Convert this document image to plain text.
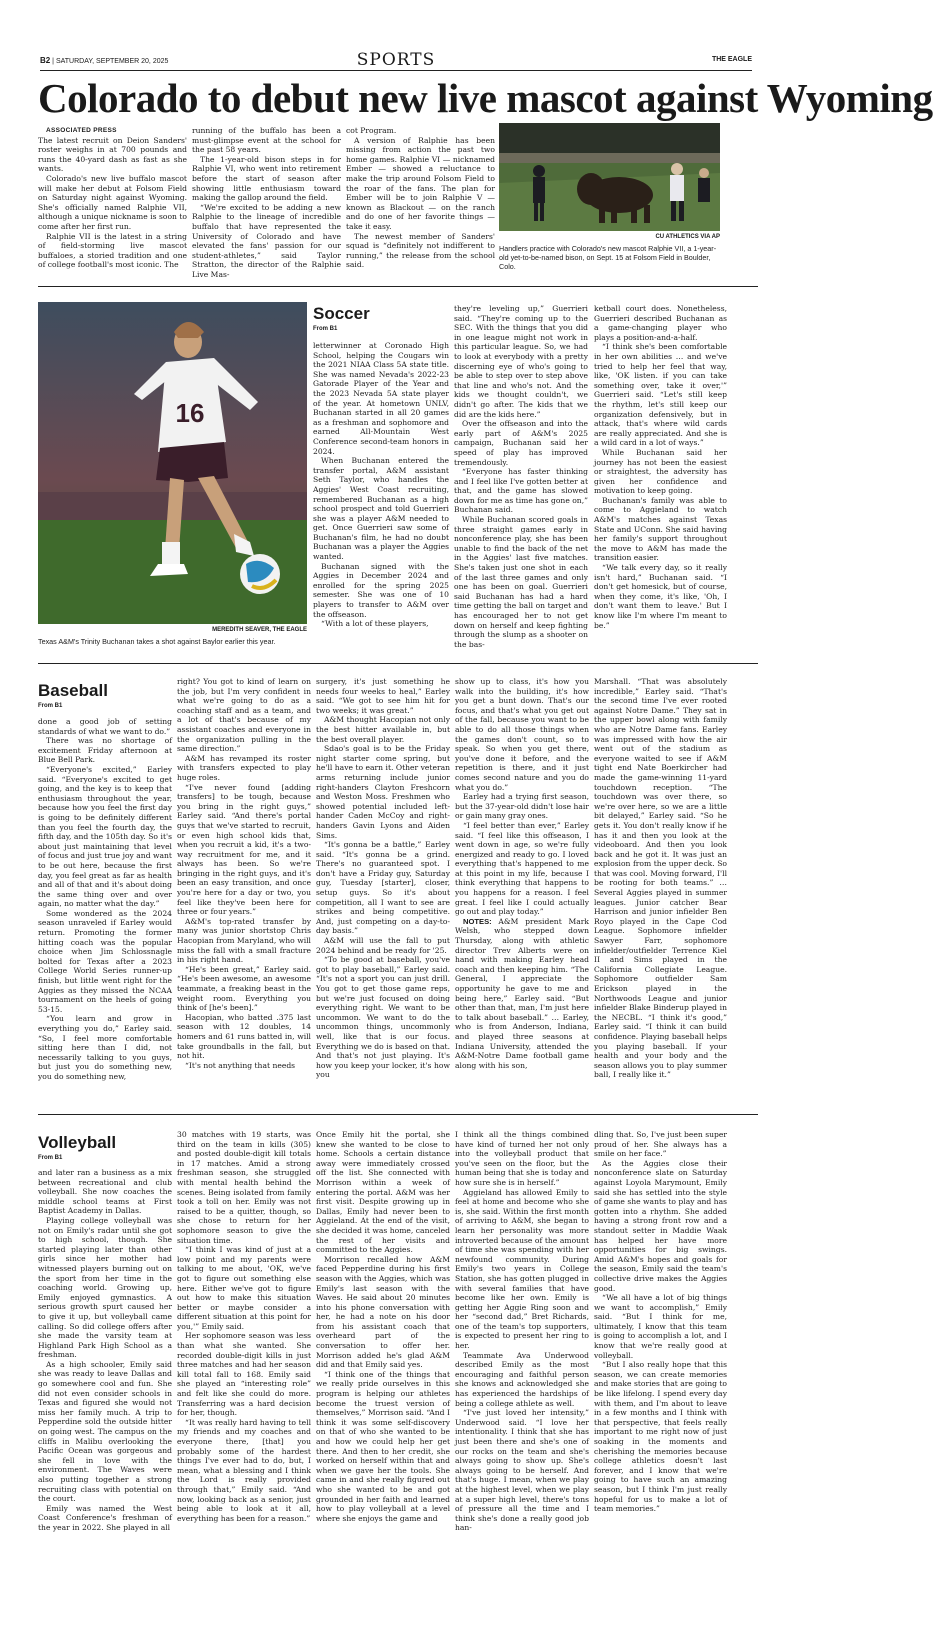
B2 | SATURDAY, SEPTEMBER 20, 2025	SPORTS	THE EAGLE
Colorado to debut new live mascot against Wyoming

ASSOCIATED PRESS

The latest recruit on Deion Sanders' roster weighs in at 700 pounds and runs the 40-yard dash as fast as she wants.

Colorado's new live buffalo mascot will make her debut at Folsom Field on Saturday night against Wyoming. She's officially named Ralphie VII, although a unique nickname is soon to come after her first run.

Ralphie VII is the latest in a string of field-storming live mascot buffaloes, a storied tradition and one of college football's most iconic. The

running of the buffalo has been a must-glimpse event at the school for the past 58 years.

The 1-year-old bison steps in for Ralphie VI, who went into retirement before the start of season after showing little enthusiasm toward making the gallop around the field.

“We're excited to be adding a new Ralphie to the lineage of incredible buffalo that have represented the University of Colorado and have elevated the fans' passion for our student-athletes,” said Taylor Stratton, the director of the Ralphie Live Mas-

cot Program.

A version of Ralphie has been missing from action the past two home games. Ralphie VI — nicknamed Ember — showed a reluctance to make the trip around Folsom Field to the roar of the fans. The plan for Ember will be to join Ralphie V — known as Blackout — on the ranch and do one of her favorite things — take it easy.

The newest member of Sanders' squad is “definitely not indifferent to running,” the release from the school said.

CU ATHLETICS VIA AP
Handlers practice with Colorado's new mascot Ralphie VII, a 1-year-old yet-to-be-named bison, on Sept. 15 at Folsom Field in Boulder, Colo.
16
MEREDITH SEAVER, THE EAGLE
Texas A&M's Trinity Buchanan takes a shot against Baylor earlier this year.
Soccer
From B1

letterwinner at Coronado High School, helping the Cougars win the 2021 NIAA Class 5A state title. She was named Nevada's 2022-23 Gatorade Player of the Year and the 2023 Nevada 5A state player of the year. At hometown UNLV, Buchanan started in all 20 games as a freshman and sophomore and earned All-Mountain West Conference second-team honors in 2024.

When Buchanan entered the transfer portal, A&M assistant Seth Taylor, who handles the Aggies' West Coast recruiting, remembered Buchanan as a high school prospect and told Guerrieri she was a player A&M needed to get. Once Guerrieri saw some of Buchanan's film, he had no doubt Buchanan was a player the Aggies wanted.

Buchanan signed with the Aggies in December 2024 and enrolled for the spring 2025 semester. She was one of 10 players to transfer to A&M over the offseason.

“With a lot of these players,

they're leveling up,” Guerrieri said. “They're coming up to the SEC. With the things that you did in one league might not work in this particular league. So, we had to look at everybody with a pretty discerning eye of who's going to be able to step over to step above that line and who's not. And the kids we thought couldn't, we didn't go after. The kids that we did are the kids here.”

Over the offseason and into the early part of A&M's 2025 campaign, Buchanan said her speed of play has improved tremendously.

“Everyone has faster thinking and I feel like I've gotten better at that, and the game has slowed down for me as time has gone on,” Buchanan said.

While Buchanan scored goals in three straight games early in nonconference play, she has been unable to find the back of the net in the Aggies' last five matches. She's taken just one shot in each of the last three games and only one has been on goal. Guerrieri said Buchanan has had a hard time getting the ball on target and has encouraged her to not get down on herself and keep fighting through the slump as a shooter on the bas-

ketball court does. Nonetheless, Guerrieri described Buchanan as a game-changing player who plays a position-and-a-half.

“I think she's been comfortable in her own abilities … and we've tried to help her feel that way, like, 'OK listen. if you can take something over, take it over,'” Guerrieri said. “Let's still keep the rhythm, let's still keep our organization defensively, but in attack, that's where wild cards are really appreciated. And she is a wild card in a lot of ways.”

While Buchanan said her journey has not been the easiest or straightest, the adversity has given her confidence and motivation to keep going.

Buchanan's family was able to come to Aggieland to watch A&M's matches against Texas State and UConn. She said having her family's support throughout the move to A&M has made the transition easier.

“We talk every day, so it really isn't hard,” Buchanan said. “I don't get homesick, but of course, when they come, it's like, 'Oh, I don't want them to leave.' But I know like I'm where I'm meant to be.”

Baseball
From B1

done a good job of setting standards of what we want to do.”

There was no shortage of excitement Friday afternoon at Blue Bell Park.

“Everyone's excited,” Earley said. “Everyone's excited to get going, and the key is to keep that enthusiasm throughout the year, because how you feel the first day is going to be definitely different than you feel the fourth day, the fifth day, and the 105th day. So it's about just maintaining that level of focus and just true joy and want to be out here, because the first day, you feel great as far as health and all of that and it's about doing the same thing over and over again, no matter what the day.”

Some wondered as the 2024 season unraveled if Earley would return. Promoting the former hitting coach was the popular choice when Jim Schlossnagle bolted for Texas after a 2023 College World Series runner-up finish, but little went right for the Aggies as they missed the NCAA tournament on the heels of going 53-15.

“You learn and grow in everything you do,” Earley said. “So, I feel more comfortable sitting here than I did, not necessarily talking to you guys, but just you do something new, you do something new,

right? You got to kind of learn on the job, but I'm very confident in what we're going to do as a coaching staff and as a team, and a lot of that's because of my assistant coaches and everyone in the organization pulling in the same direction.”

A&M has revamped its roster with transfers expected to play huge roles.

“I've never found [adding transfers] to be tough, because you bring in the right guys,” Earley said. “And there's portal guys that we've started to recruit, or even high school kids that, when you recruit a kid, it's a two-way recruitment for me, and it always has been. So we're bringing in the right guys, and it's been an easy transition, and once you're here for a day or two, you feel like they've been here for three or four years.”

A&M's top-rated transfer by many was junior shortstop Chris Hacopian from Maryland, who will miss the fall with a small fracture in his right hand.

“He's been great,” Earley said. “He's been awesome, an awesome teammate, a freaking beast in the weight room. Everything you think of [he's been].”

Hacopian, who batted .375 last season with 12 doubles, 14 homers and 61 runs batted in, will take groundballs in the fall, but not hit.

“It's not anything that needs

surgery, it's just something he needs four weeks to heal,” Earley said. “We got to see him hit for two weeks; it was great.”

A&M thought Hacopian not only the best hitter available in, but the best overall player.

Sdao's goal is to be the Friday night starter come spring, but he'll have to earn it. Other veteran arms returning include junior right-handers Clayton Freshcorn and Weston Moss. Freshmen who showed potential included left-hander Caden McCoy and right-handers Gavin Lyons and Aiden Sims.

“It's gonna be a battle,” Earley said. “It's gonna be a grind. There's no guaranteed spot. I don't have a Friday guy, Saturday guy, Tuesday [starter], closer, setup guys. So it's about competition, all I want to see are strikes and being competitive. And, just competing on a day-to-day basis.”

A&M will use the fall to put 2024 behind and be ready for '25.

“To be good at baseball, you've got to play baseball,” Earley said. “It's not a sport you can just drill. You got to get those game reps, but we're just focused on doing everything right. We want to be uncommon. We want to do the uncommon things, uncommonly well, like that is our focus. Everything we do is based on that. And that's not just playing. It's how you keep your locker, it's how you

show up to class, it's how you walk into the building, it's how you get a bunt down. That's our focus, and that's what you get out of the fall, because you want to be able to do all those things when the games don't count, so to speak. So when you get there, you've done it before, and the repetition is there, and it just comes second nature and you do what you do.”

Earley had a trying first season, but the 37-year-old didn't lose hair or gain many gray ones.

“I feel better than ever,” Earley said. “I feel like this offseason, I went down in age, so we're fully energized and ready to go. I loved everything that's happened to me at this point in my life, because I think everything that happens to you happens for a reason. I feel great. I feel like I could actually go out and play today.”

NOTES: A&M president Mark Welsh, who stepped down Thursday, along with athletic director Trev Alberts were on hand with making Earley head coach and then keeping him. “The General, I appreciate the opportunity he gave to me and being here,” Earley said. “But other than that, man, I'm just here to talk about baseball.” … Earley, who is from Anderson, Indiana, and played three seasons at Indiana University, attended the A&M-Notre Dame football game along with his son,

Marshall. “That was absolutely incredible,” Earley said. “That's the second time I've ever rooted against Notre Dame.” They sat in the upper bowl along with family who are Notre Dame fans. Earley was impressed with how the air went out of the stadium as everyone waited to see if A&M tight end Nate Boerkircher had made the game-winning 11-yard touchdown reception. “The touchdown was over there, so we're over here, so we are a little bit delayed,” Earley said. “So he gets it. You don't really know if he has it and then you look at the videoboard. And then you look back and he got it. It was just an explosion from the upper deck. So that was cool. Moving forward, I'll be rooting for both teams.” … Several Aggies played in summer leagues. Junior catcher Bear Harrison and junior infielder Ben Royo played in the Cape Cod League. Sophomore infielder Sawyer Farr, sophomore infielder/outfielder Terrence Kiel II and Sims played in the California Collegiate League. Sophomore outfielder Sam Erickson played in the Northwoods League and junior infielder Blake Binderup played in the NECBL. “I think it's good,” Earley said. “I think it can build confidence. Playing baseball helps you playing baseball. If your health and your body and the season allows you to play summer ball, I really like it.”

Volleyball
From B1

and later ran a business as a mix between recreational and club volleyball. She now coaches the middle school teams at First Baptist Academy in Dallas.

Playing college volleyball was not on Emily's radar until she got to high school, though. She started playing later than other girls since her mother had witnessed players burning out on the sport from her time in the coaching world. Growing up, Emily enjoyed gymnastics. A serious growth spurt caused her to give it up, but volleyball came calling. So did college offers after she made the varsity team at Highland Park High School as a freshman.

As a high schooler, Emily said she was ready to leave Dallas and go somewhere cool and fun. She did not even consider schools in Texas and figured she would not miss her family much. A trip to Pepperdine sold the outside hitter on going west. The campus on the cliffs in Malibu overlooking the Pacific Ocean was gorgeous and she fell in love with the environment. The Waves were also putting together a strong recruiting class with potential on the court.

Emily was named the West Coast Conference's freshman of the year in 2022. She played in all

30 matches with 19 starts, was third on the team in kills (305) and posted double-digit kill totals in 17 matches. Amid a strong freshman season, she struggled with mental health behind the scenes. Being isolated from family took a toll on her. Emily was not raised to be a quitter, though, so she chose to return for her sophomore season to give the situation time.

“I think I was kind of just at a low point and my parents were talking to me about, 'OK, we've got to figure out something else here. Either we've got to figure out how to make this situation better or maybe consider a different situation at this point for you,'” Emily said.

Her sophomore season was less than what she wanted. She recorded double-digit kills in just three matches and had her season kill total fall to 168. Emily said she played an “interesting role” and felt like she could do more. Transferring was a hard decision for her, though.

“It was really hard having to tell my friends and my coaches and everyone there, [that] you probably some of the hardest things I've ever had to do, but, I mean, what a blessing and I think the Lord is really provided through that,” Emily said. “And now, looking back as a senior, just being able to look at it all, everything has been for a reason.”

Once Emily hit the portal, she knew she wanted to be close to home. Schools a certain distance away were immediately crossed off the list. She connected with Morrison within a week of entering the portal. A&M was her first visit. Despite growing up in Dallas, Emily had never been to Aggieland. At the end of the visit, she decided it was home, canceled the rest of her visits and committed to the Aggies.

Morrison recalled how A&M faced Pepperdine during his first season with the Aggies, which was Emily's last season with the Waves. He said about 20 minutes into his phone conversation with her, he had a note on his door from his assistant coach that overheard part of the conversation to offer her. Morrison added he's glad A&M did and that Emily said yes.

“I think one of the things that we really pride ourselves in this program is helping our athletes become the truest version of themselves,” Morrison said. “And I think it was some self-discovery on that of who she wanted to be and how we could help her get there. And then to her credit, she worked on herself within that and when we gave her the tools. She came in and she really figured out who she wanted to be and got grounded in her faith and learned how to play volleyball at a level where she enjoys the game and

I think all the things combined have kind of turned her not only into the volleyball product that you've seen on the floor, but the human being that she is today and how sure she is in herself.”

Aggieland has allowed Emily to feel at home and become who she is, she said. Within the first month of arriving to A&M, she began to learn her personality was more introverted because of the amount of time she was spending with her newfound community. During Emily's two years in College Station, she has gotten plugged in with several families that have become like her own. Emily is getting her Aggie Ring soon and her “second dad,” Bret Richards, one of the team's top supporters, is expected to present her ring to her.

Teammate Ava Underwood described Emily as the most encouraging and faithful person she knows and acknowledged she has experienced the hardships of being a college athlete as well.

“I've just loved her intensity,” Underwood said. “I love her intentionality. I think that she has just been there and she's one of our rocks on the team and she's always going to show up. She's always going to be herself. And that's huge. I mean, when we play at the highest level, when we play at a super high level, there's tons of pressure all the time and I think she's done a really good job han-

dling that. So, I've just been super proud of her. She always has a smile on her face.”

As the Aggies close their nonconference slate on Saturday against Loyola Marymount, Emily said she has settled into the style of game she wants to play and has gotten into a rhythm. She added having a strong front row and a standout setter in Maddie Waak has helped her have more opportunities for big swings. Amid A&M's hopes and goals for the season, Emily said the team's collective drive makes the Aggies good.

“We all have a lot of big things we want to accomplish,” Emily said. “But I think for me, ultimately, I know that this team is going to accomplish a lot, and I know that we're really good at volleyball.

“But I also really hope that this season, we can create memories and make stories that are going to be like lifelong. I spend every day with them, and I'm about to leave in a few months and I think with that perspective, that feels really important to me right now of just soaking in the moments and cherishing the memories because college athletics doesn't last forever, and I know that we're going to have such an amazing season, but I think I'm just really hopeful for us to make a lot of team memories.”
